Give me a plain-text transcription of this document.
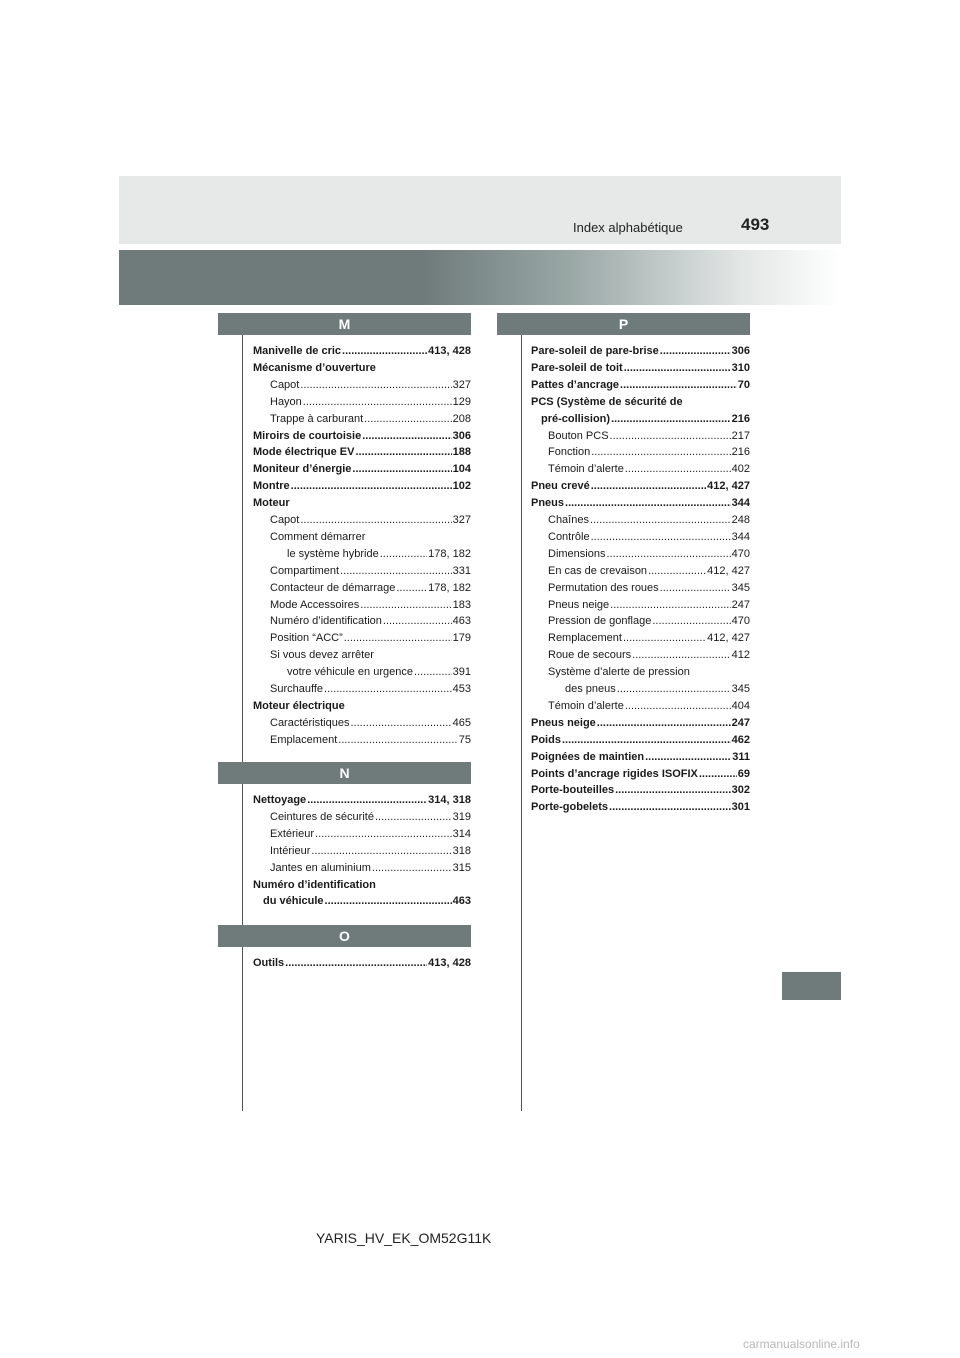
Index alphabétique	493
M
Manivelle de cric .....	413, 428
Mécanisme d’ouverture
Capot .....	327
Hayon .....	129
Trappe à carburant .....	208
Miroirs de courtoisie .....	306
Mode électrique EV .....	188
Moniteur d’énergie .....	104
Montre .....	102
Moteur
Capot .....	327
Comment démarrer
le système hybride .....	178, 182
Compartiment .....	331
Contacteur de démarrage .....	178, 182
Mode Accessoires .....	183
Numéro d’identification .....	463
Position “ACC” .....	179
Si vous devez arrêter
votre véhicule en urgence .....	391
Surchauffe .....	453
Moteur électrique
Caractéristiques .....	465
Emplacement .....	75
N
Nettoyage .....	314, 318
Ceintures de sécurité .....	319
Extérieur .....	314
Intérieur .....	318
Jantes en aluminium .....	315
Numéro d’identification
du véhicule .....	463
O
Outils .....	413, 428
P
Pare-soleil de pare-brise .....	306
Pare-soleil de toit .....	310
Pattes d’ancrage .....	70
PCS (Système de sécurité de
pré-collision) .....	216
Bouton PCS .....	217
Fonction .....	216
Témoin d’alerte .....	402
Pneu crevé .....	412, 427
Pneus .....	344
Chaînes .....	248
Contrôle .....	344
Dimensions .....	470
En cas de crevaison .....	412, 427
Permutation des roues .....	345
Pneus neige .....	247
Pression de gonflage .....	470
Remplacement .....	412, 427
Roue de secours .....	412
Système d’alerte de pression
des pneus .....	345
Témoin d’alerte .....	404
Pneus neige .....	247
Poids .....	462
Poignées de maintien .....	311
Points d’ancrage rigides ISOFIX .....	69
Porte-bouteilles .....	302
Porte-gobelets .....	301
YARIS_HV_EK_OM52G11K
carmanualsonline.info
